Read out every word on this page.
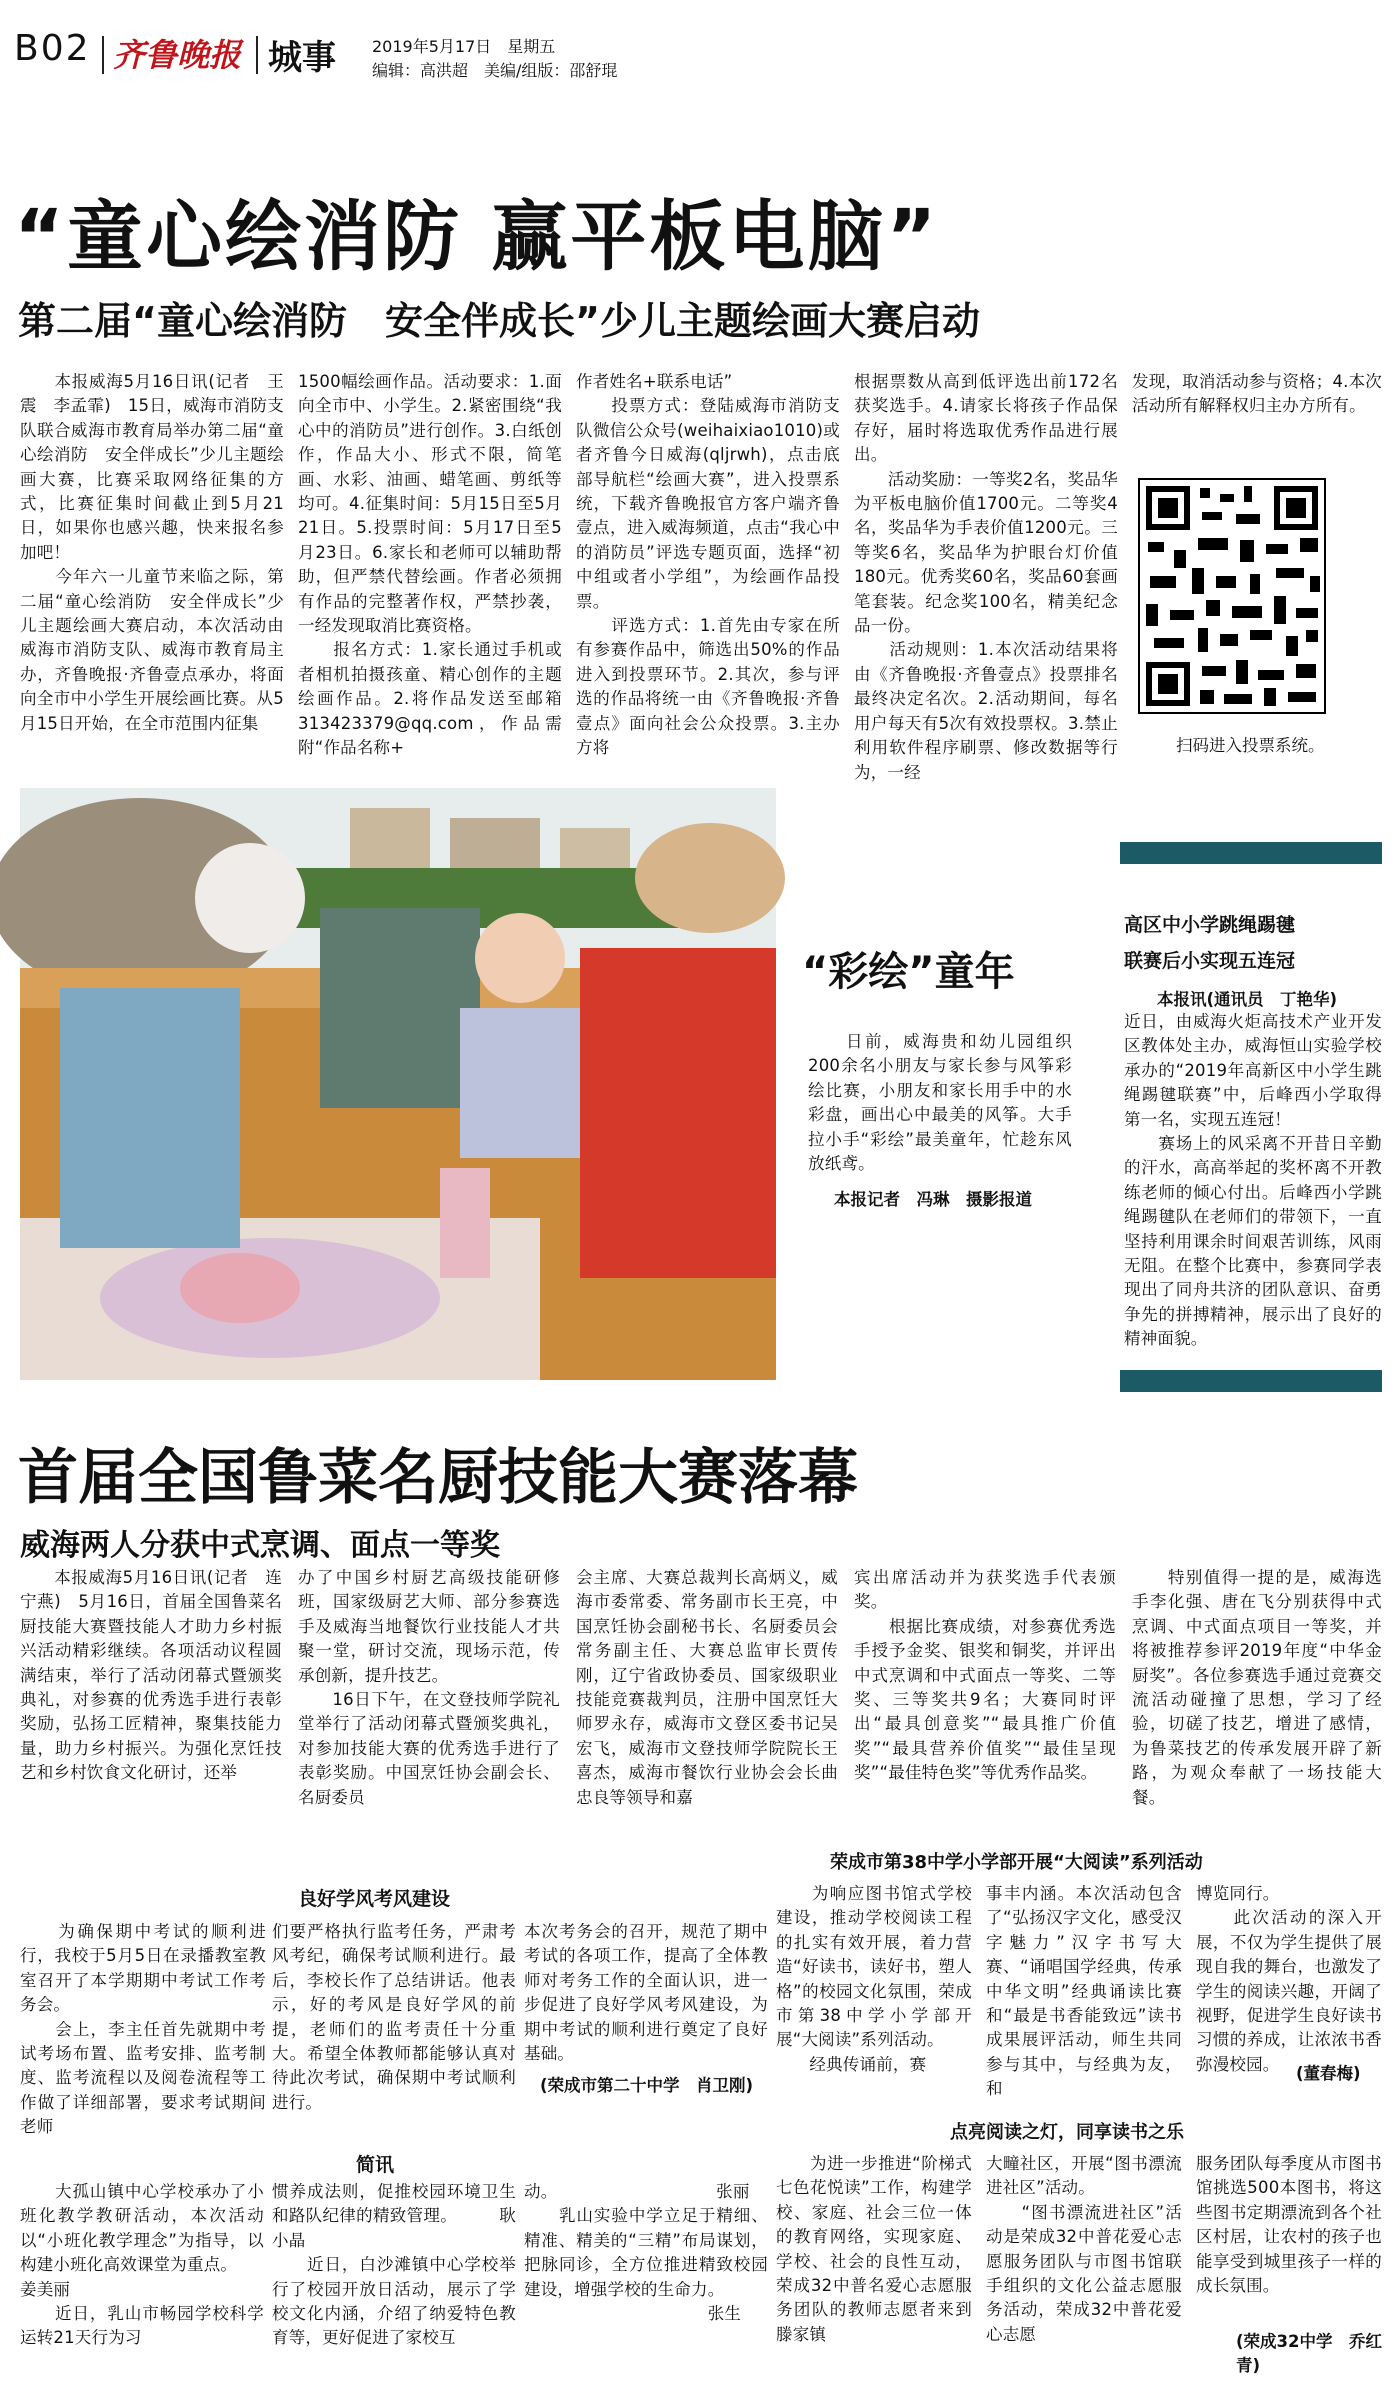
B02 齐鲁晚报 城事 2019年5月17日　星期五
编辑：高洪超　美编/组版：邵舒琨
“童心绘消防 赢平板电脑”
第二届“童心绘消防　安全伴成长”少儿主题绘画大赛启动
　　本报威海5月16日讯(记者　王震　李孟霏)　15日，威海市消防支队联合威海市教育局举办第二届“童心绘消防　安全伴成长”少儿主题绘画大赛，比赛采取网络征集的方式，比赛征集时间截止到5月21日，如果你也感兴趣，快来报名参加吧！
　　今年六一儿童节来临之际，第二届“童心绘消防　安全伴成长”少儿主题绘画大赛启动，本次活动由威海市消防支队、威海市教育局主办，齐鲁晚报·齐鲁壹点承办，将面向全市中小学生开展绘画比赛。从5月15日开始，在全市范围内征集
1500幅绘画作品。活动要求：1.面向全市中、小学生。2.紧密围绕“我心中的消防员”进行创作。3.白纸创作，作品大小、形式不限，简笔画、水彩、油画、蜡笔画、剪纸等均可。4.征集时间：5月15日至5月21日。5.投票时间：5月17日至5月23日。6.家长和老师可以辅助帮助，但严禁代替绘画。作者必须拥有作品的完整著作权，严禁抄袭，一经发现取消比赛资格。
　　报名方式：1.家长通过手机或者相机拍摄孩童、精心创作的主题绘画作品。2.将作品发送至邮箱313423379@qq.com，作品需附“作品名称+
作者姓名+联系电话”
　　投票方式：登陆威海市消防支队微信公众号(weihaixiao1010)或者齐鲁今日威海(qljrwh)，点击底部导航栏“绘画大赛”，进入投票系统，下载齐鲁晚报官方客户端齐鲁壹点，进入威海频道，点击“我心中的消防员”评选专题页面，选择“初中组或者小学组”，为绘画作品投票。
　　评选方式：1.首先由专家在所有参赛作品中，筛选出50%的作品进入到投票环节。2.其次，参与评选的作品将统一由《齐鲁晚报·齐鲁壹点》面向社会公众投票。3.主办方将
根据票数从高到低评选出前172名获奖选手。4.请家长将孩子作品保存好，届时将选取优秀作品进行展出。
　　活动奖励：一等奖2名，奖品华为平板电脑价值1700元。二等奖4名，奖品华为手表价值1200元。三等奖6名，奖品华为护眼台灯价值180元。优秀奖60名，奖品60套画笔套装。纪念奖100名，精美纪念品一份。
　　活动规则：1.本次活动结果将由《齐鲁晚报·齐鲁壹点》投票排名最终决定名次。2.活动期间，每名用户每天有5次有效投票权。3.禁止利用软件程序刷票、修改数据等行为，一经
发现，取消活动参与资格；4.本次活动所有解释权归主办方所有。
扫码进入投票系统。
“彩绘”童年
　　日前，威海贵和幼儿园组织200余名小朋友与家长参与风筝彩绘比赛，小朋友和家长用手中的水彩盘，画出心中最美的风筝。大手拉小手“彩绘”最美童年，忙趁东风放纸鸢。
本报记者　冯琳　摄影报道
高区中小学跳绳踢毽
联赛后小实现五连冠
　　本报讯(通讯员　丁艳华)
近日，由威海火炬高技术产业开发区教体处主办，威海恒山实验学校承办的“2019年高新区中小学生跳绳踢毽联赛”中，后峰西小学取得第一名，实现五连冠！
　　赛场上的风采离不开昔日辛勤的汗水，高高举起的奖杯离不开教练老师的倾心付出。后峰西小学跳绳踢毽队在老师们的带领下，一直坚持利用课余时间艰苦训练，风雨无阻。在整个比赛中，参赛同学表现出了同舟共济的团队意识、奋勇争先的拼搏精神，展示出了良好的精神面貌。
首届全国鲁菜名厨技能大赛落幕
威海两人分获中式烹调、面点一等奖
　　本报威海5月16日讯(记者　连宁燕)　5月16日，首届全国鲁菜名厨技能大赛暨技能人才助力乡村振兴活动精彩继续。各项活动议程圆满结束，举行了活动闭幕式暨颁奖典礼，对参赛的优秀选手进行表彰奖励，弘扬工匠精神，聚集技能力量，助力乡村振兴。为强化烹饪技艺和乡村饮食文化研讨，还举
办了中国乡村厨艺高级技能研修班，国家级厨艺大师、部分参赛选手及威海当地餐饮行业技能人才共聚一堂，研讨交流，现场示范，传承创新，提升技艺。
　　16日下午，在文登技师学院礼堂举行了活动闭幕式暨颁奖典礼，对参加技能大赛的优秀选手进行了表彰奖励。中国烹饪协会副会长、名厨委员
会主席、大赛总裁判长高炳义，威海市委常委、常务副市长王亮，中国烹饪协会副秘书长、名厨委员会常务副主任、大赛总监审长贾传刚，辽宁省政协委员、国家级职业技能竞赛裁判员，注册中国烹饪大师罗永存，威海市文登区委书记吴宏飞，威海市文登技师学院院长王喜杰，威海市餐饮行业协会会长曲忠良等领导和嘉
宾出席活动并为获奖选手代表颁奖。
　　根据比赛成绩，对参赛优秀选手授予金奖、银奖和铜奖，并评出中式烹调和中式面点一等奖、二等奖、三等奖共9名；大赛同时评出“最具创意奖”“最具推广价值奖”“最具营养价值奖”“最佳呈现奖”“最佳特色奖”等优秀作品奖。
　　特别值得一提的是，威海选手李化强、唐在飞分别获得中式烹调、中式面点项目一等奖，并将被推荐参评2019年度“中华金厨奖”。各位参赛选手通过竞赛交流活动碰撞了思想，学习了经验，切磋了技艺，增进了感情，为鲁菜技艺的传承发展开辟了新路，为观众奉献了一场技能大餐。
良好学风考风建设
　　为确保期中考试的顺利进行，我校于5月5日在录播教室教室召开了本学期期中考试工作考务会。
　　会上，李主任首先就期中考试考场布置、监考安排、监考制度、监考流程以及阅卷流程等工作做了详细部署，要求考试期间老师
们要严格执行监考任务，严肃考风考纪，确保考试顺利进行。最后，李校长作了总结讲话。他表示，好的考风是良好学风的前提，老师们的监考责任十分重大。希望全体教师都能够认真对待此次考试，确保期中考试顺利进行。
本次考务会的召开，规范了期中考试的各项工作，提高了全体教师对考务工作的全面认识，进一步促进了良好学风考风建设，为期中考试的顺利进行奠定了良好基础。
(荣成市第二十中学　肖卫刚)
荣成市第38中学小学部开展“大阅读”系列活动
　　为响应图书馆式学校建设，推动学校阅读工程的扎实有效开展，着力营造“好读书，读好书，塑人格”的校园文化氛围，荣成市第38中学小学部开展“大阅读”系列活动。
　　经典传诵前，赛
事丰内涵。本次活动包含了“弘扬汉字文化，感受汉字魅力”汉字书写大赛、“诵唱国学经典，传承中华文明”经典诵读比赛和“最是书香能致远”读书成果展评活动，师生共同参与其中，与经典为友，和
博览同行。
　　此次活动的深入开展，不仅为学生提供了展现自我的舞台，也激发了学生的阅读兴趣，开阔了视野，促进学生良好读书习惯的养成，让浓浓书香弥漫校园。	(董春梅)
简讯
　　大孤山镇中心学校承办了小班化教学教研活动，本次活动以“小班化教学理念”为指导，以构建小班化高效课堂为重点。
姜美丽
　　近日，乳山市畅园学校科学运转21天行为习
惯养成法则，促推校园环境卫生和路队纪律的精致管理。　　　耿小晶
　　近日，白沙滩镇中心学校举行了校园开放日活动，展示了学校文化内涵，介绍了纳爱特色教育等，更好促进了家校互
动。　　　　　　　　　　张丽
　　乳山实验中学立足于精细、精准、精美的“三精”布局谋划，把脉同诊，全方位推进精致校园建设，增强学校的生命力。
　　　　　　　　　　　张生
点亮阅读之灯，同享读书之乐
　　为进一步推进“阶梯式七色花悦读”工作，构建学校、家庭、社会三位一体的教育网络，实现家庭、学校、社会的良性互动，荣成32中普名爱心志愿服务团队的教师志愿者来到滕家镇
大疃社区，开展“图书漂流进社区”活动。
　　“图书漂流进社区”活动是荣成32中普花爱心志愿服务团队与市图书馆联手组织的文化公益志愿服务活动，荣成32中普花爱心志愿
服务团队每季度从市图书馆挑选500本图书，将这些图书定期漂流到各个社区村居，让农村的孩子也能享受到城里孩子一样的成长氛围。
(荣成32中学　乔红青)
